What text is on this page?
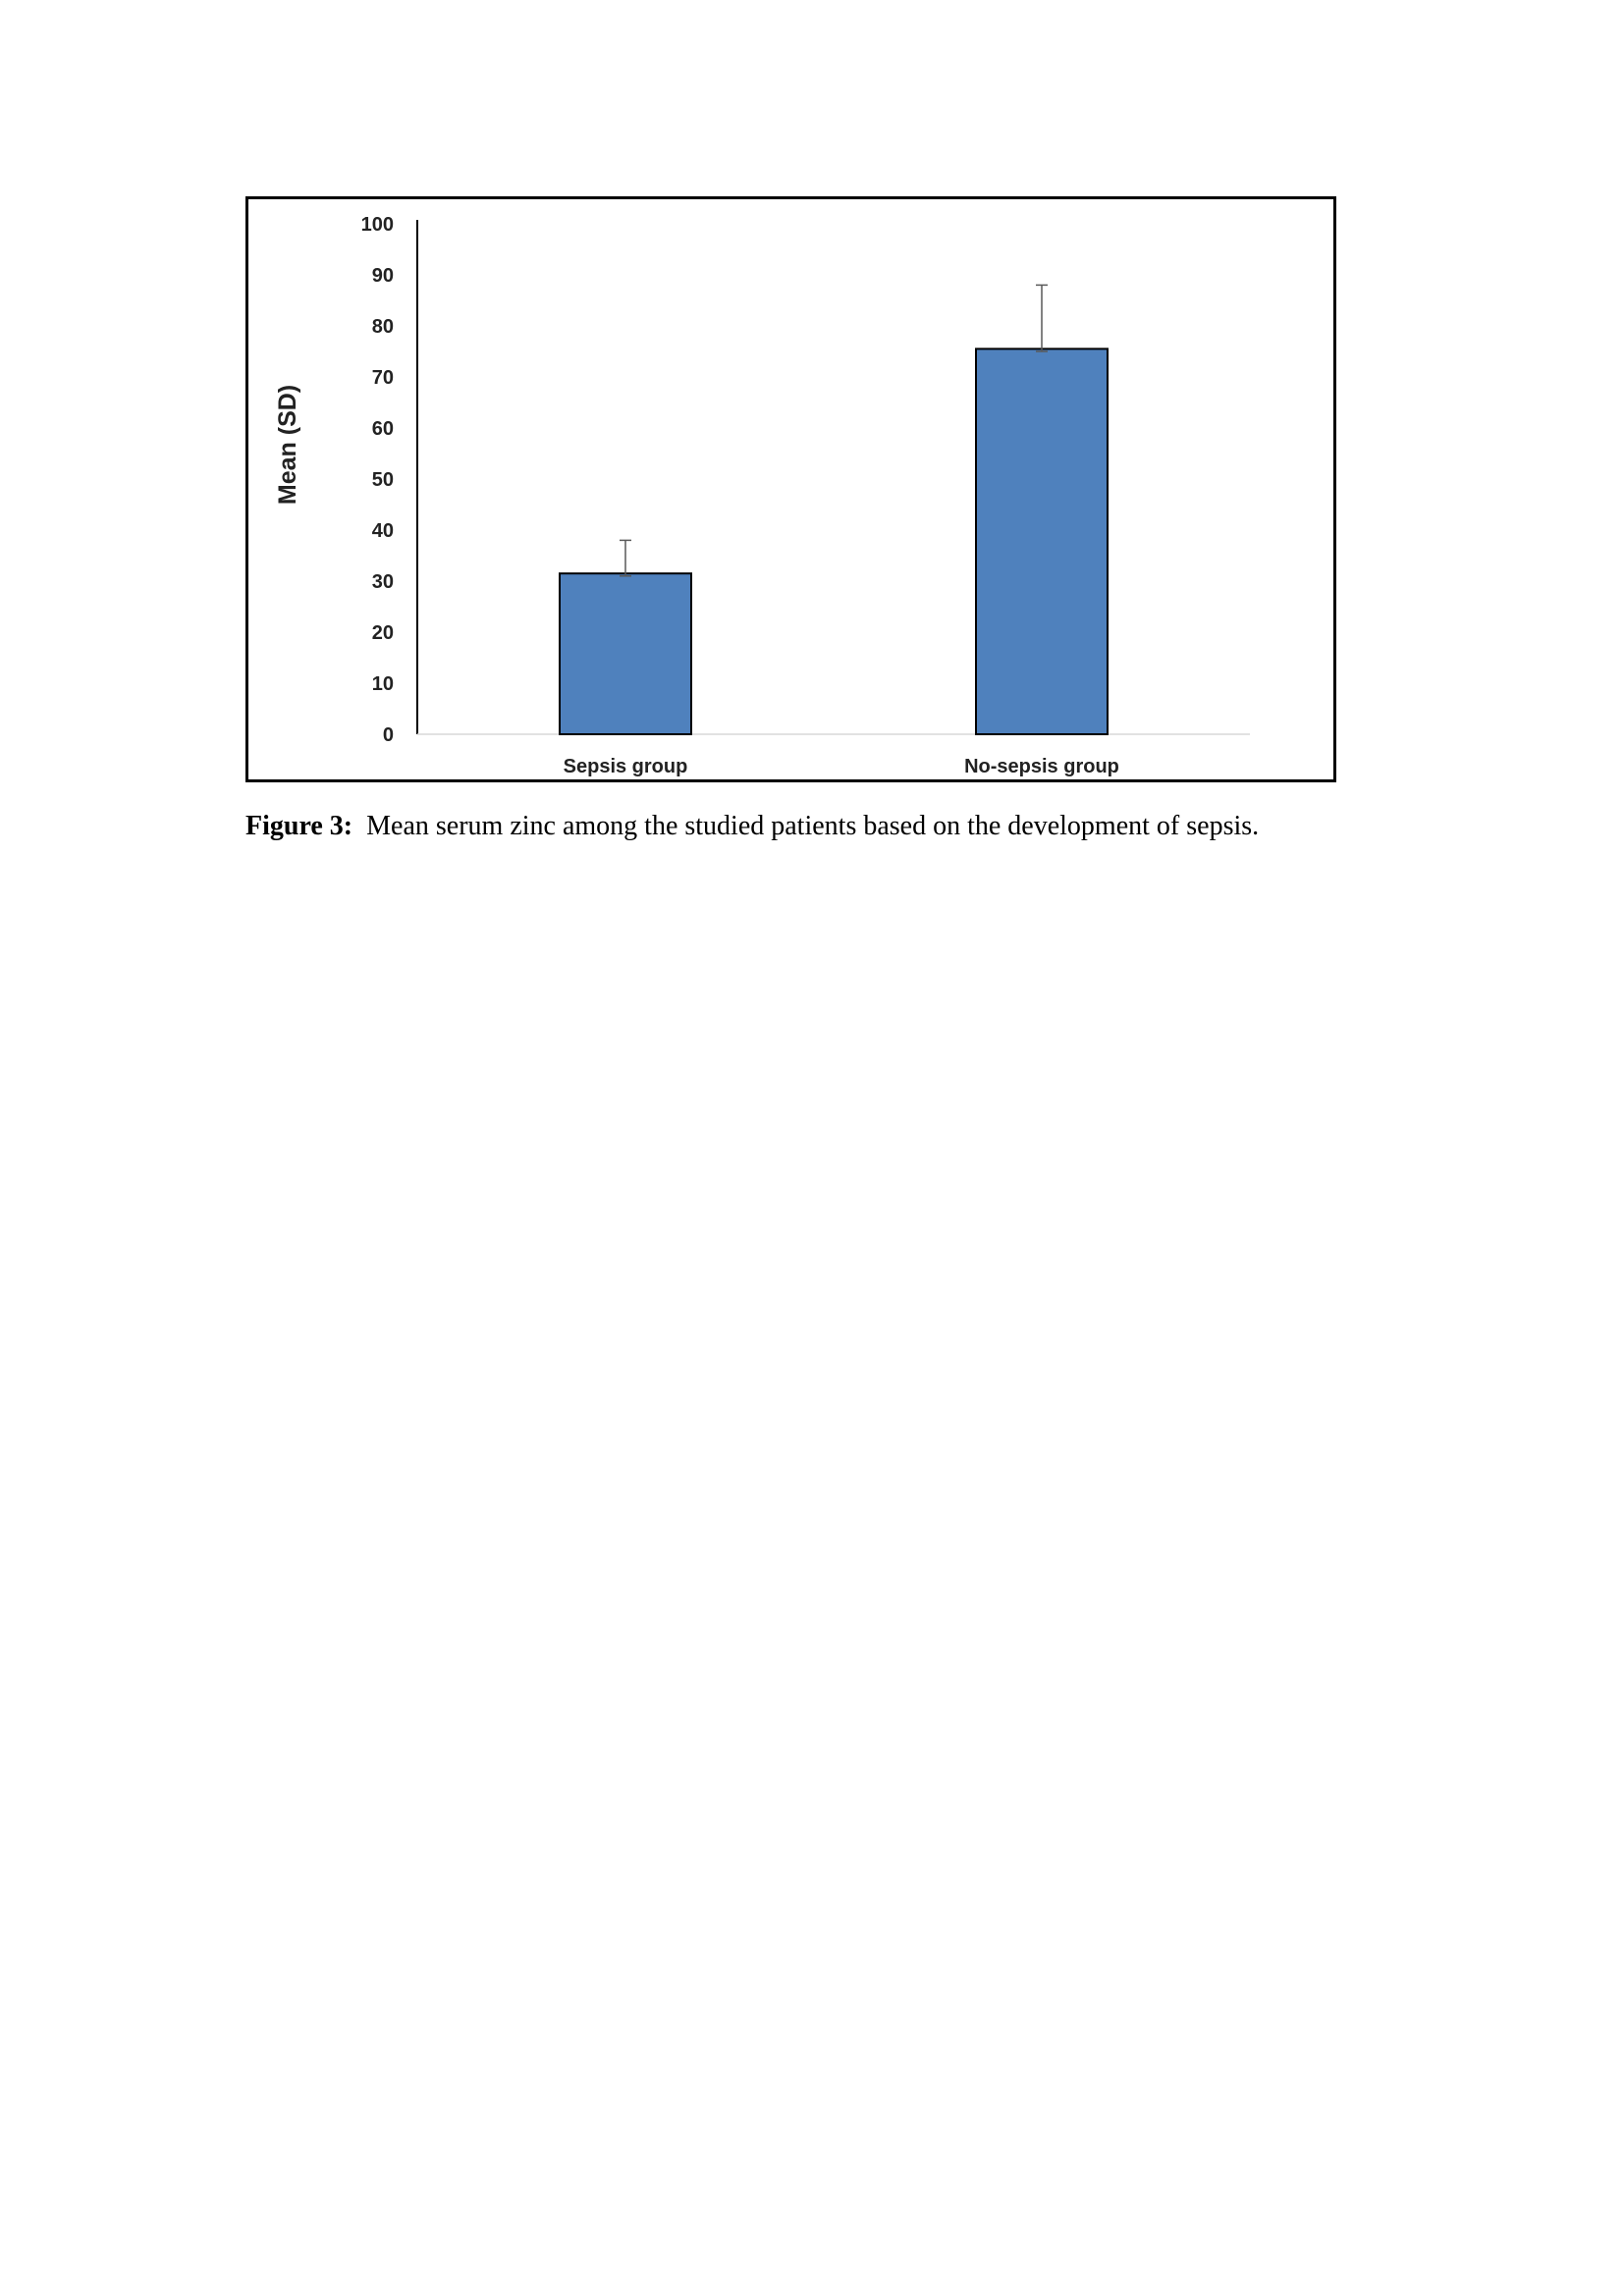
0
10
20
30
40
50
60
70
80
90
100
Sepsis group	No-sepsis group
Mean (SD)
Figure 3: Mean serum zinc among the studied patients based on the development of sepsis.
